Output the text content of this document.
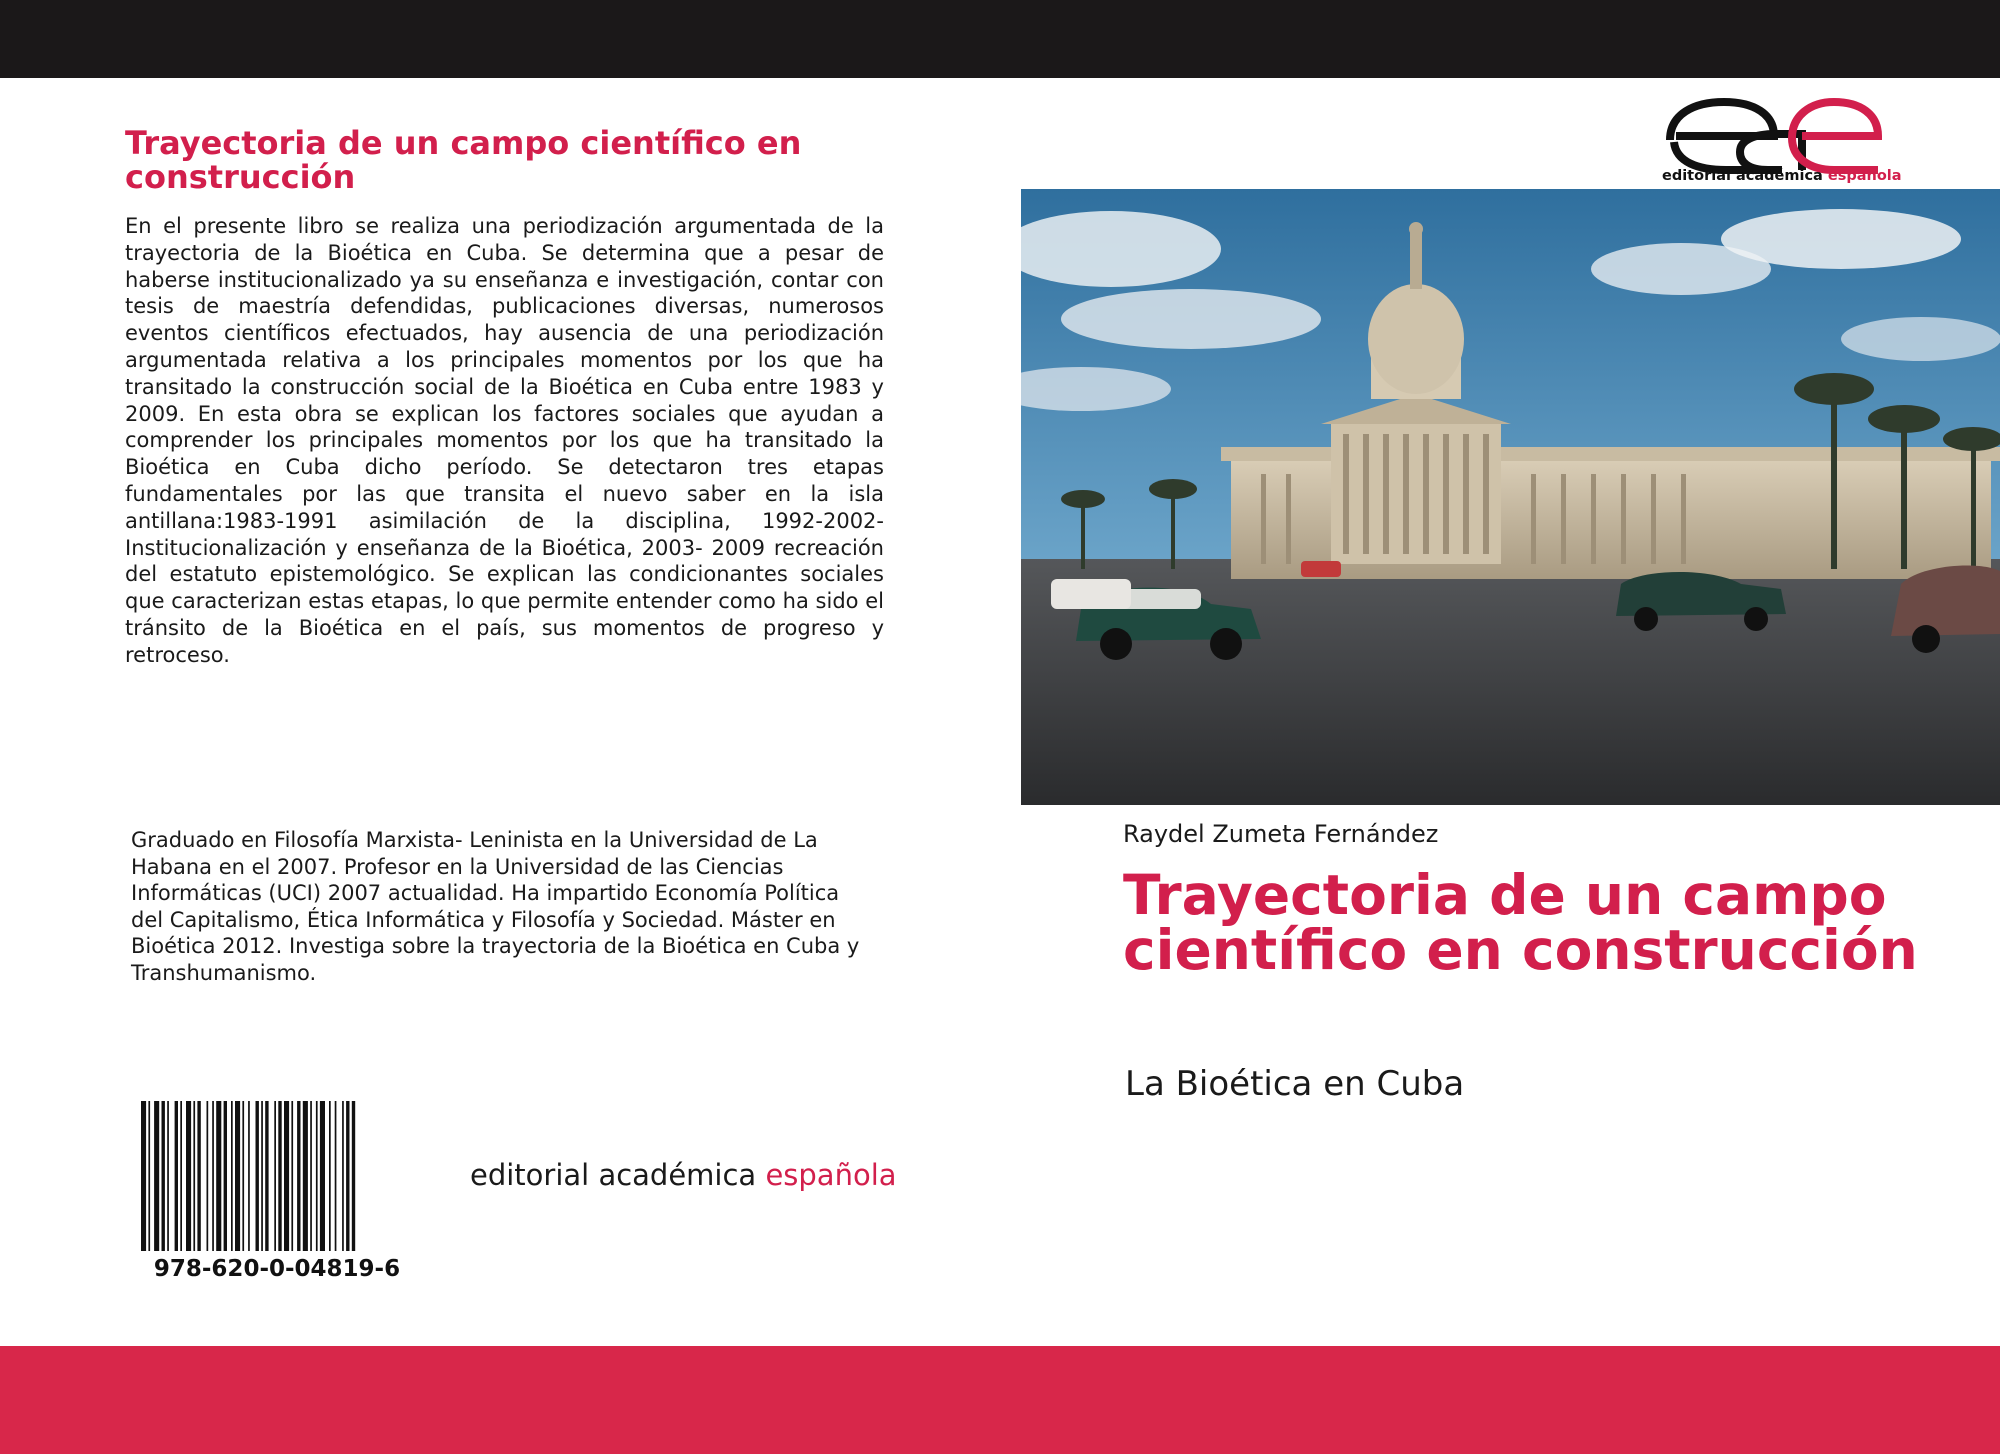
Trayectoria de un campo científico en construcción

En el presente libro se realiza una periodización argumentada de la trayectoria de la Bioética en Cuba. Se determina que a pesar de haberse institucionalizado ya su enseñanza e investigación, contar con tesis de maestría defendidas, publicaciones diversas, numerosos eventos científicos efectuados, hay ausencia de una periodización argumentada relativa a los principales momentos por los que ha transitado la construcción social de la Bioética en Cuba entre 1983 y 2009. En esta obra se explican los factores sociales que ayudan a comprender los principales momentos por los que ha transitado la Bioética en Cuba dicho período. Se detectaron tres etapas fundamentales por las que transita el nuevo saber en la isla antillana:1983-1991 asimilación de la disciplina, 1992-2002- Institucionalización y enseñanza de la Bioética, 2003- 2009 recreación del estatuto epistemológico. Se explican las condicionantes sociales que caracterizan estas etapas, lo que permite entender como ha sido el tránsito de la Bioética en el país, sus momentos de progreso y retroceso.

Graduado en Filosofía Marxista- Leninista en la Universidad de La Habana en el 2007. Profesor en la Universidad de las Ciencias Informáticas (UCI) 2007 actualidad. Ha impartido Economía Política del Capitalismo, Ética Informática y Filosofía y Sociedad. Máster en Bioética 2012. Investiga sobre la trayectoria de la Bioética en Cuba y Transhumanismo.

978-620-0-04819-6
editorial académica española
editorial académica española
Raydel Zumeta Fernández
Trayectoria de un campo científico en construcción
La Bioética en Cuba
